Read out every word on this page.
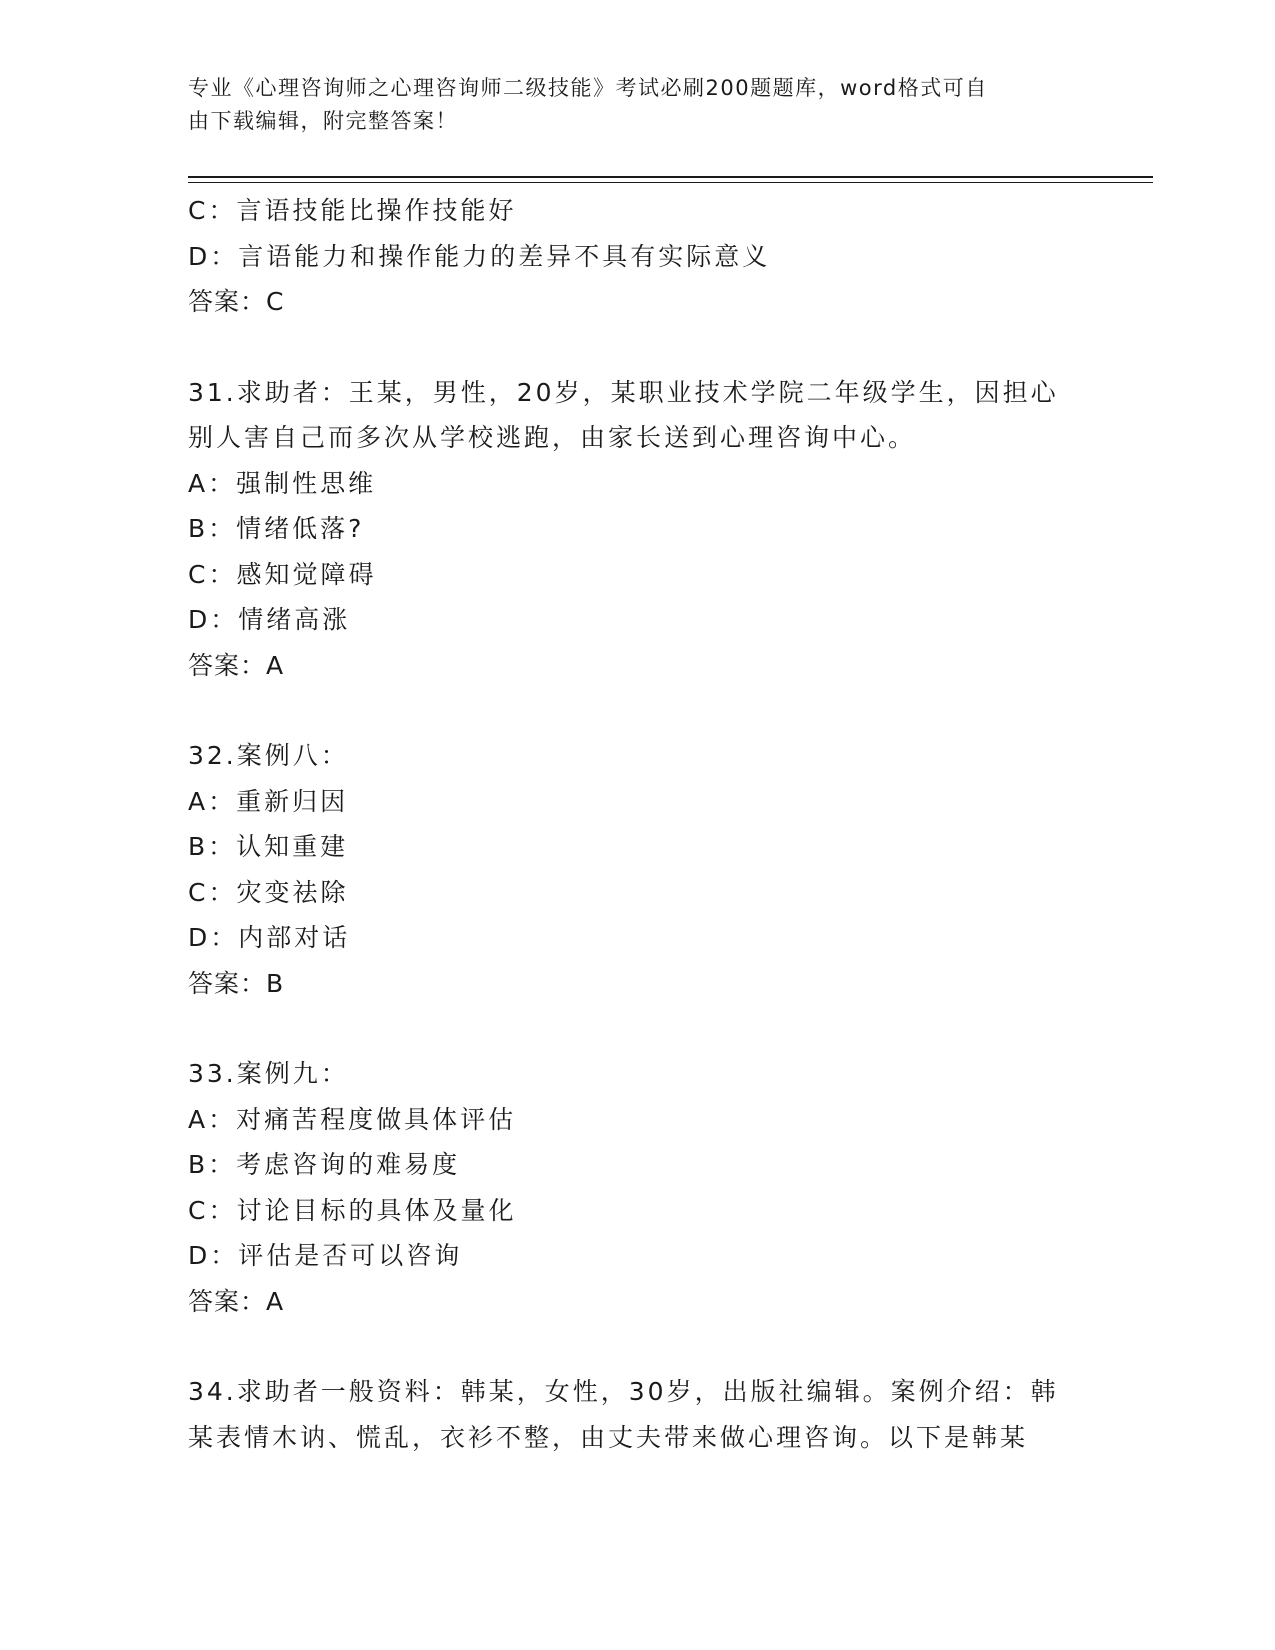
专业《心理咨询师之心理咨询师二级技能》考试必刷200题题库，word格式可自
由下载编辑，附完整答案！
C：言语技能比操作技能好
D：言语能力和操作能力的差异不具有实际意义
答案：C
31.求助者：王某，男性，20岁，某职业技术学院二年级学生，因担心
别人害自己而多次从学校逃跑，由家长送到心理咨询中心。
A：强制性思维
B：情绪低落?
C：感知觉障碍
D：情绪高涨
答案：A
32.案例八：
A：重新归因
B：认知重建
C：灾变祛除
D：内部对话
答案：B
33.案例九：
A：对痛苦程度做具体评估
B：考虑咨询的难易度
C：讨论目标的具体及量化
D：评估是否可以咨询
答案：A
34.求助者一般资料：韩某，女性，30岁，出版社编辑。案例介绍：韩
某表情木讷、慌乱，衣衫不整，由丈夫带来做心理咨询。以下是韩某
